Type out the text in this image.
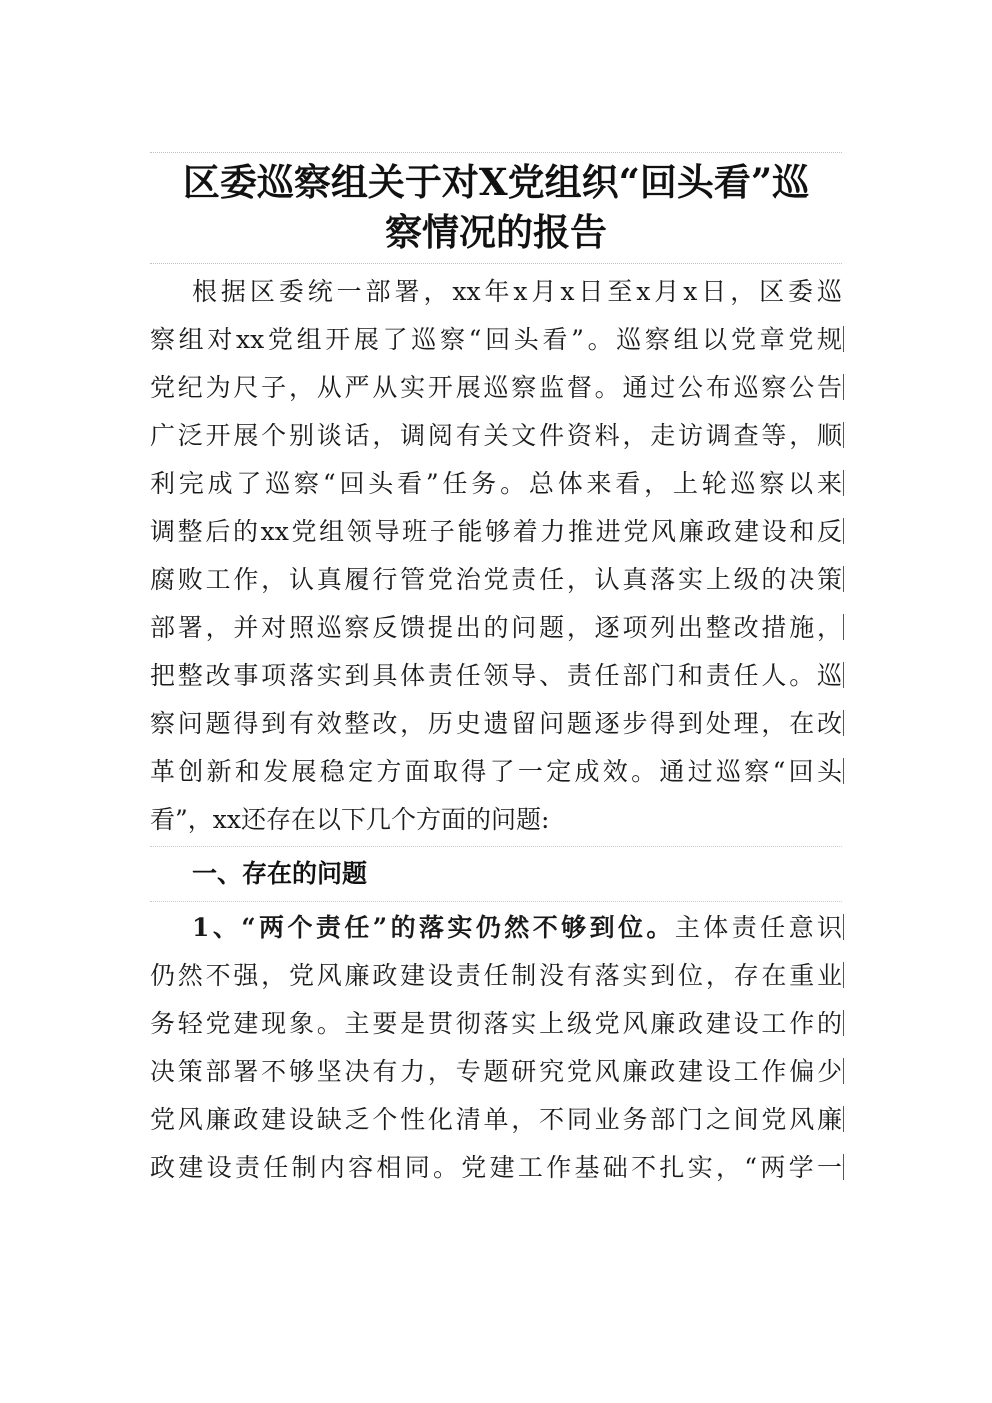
区委巡察组关于对X党组织“回头看”巡
察情况的报告
根据区委统一部署，xx年x月x日至x月x日，区委巡
察组对xx党组开展了巡察“回头看”。巡察组以党章党规
党纪为尺子，从严从实开展巡察监督。通过公布巡察公告
广泛开展个别谈话，调阅有关文件资料，走访调查等，顺
利完成了巡察“回头看”任务。总体来看，上轮巡察以来
调整后的xx党组领导班子能够着力推进党风廉政建设和反
腐败工作，认真履行管党治党责任，认真落实上级的决策
部署，并对照巡察反馈提出的问题，逐项列出整改措施，
把整改事项落实到具体责任领导、责任部门和责任人。巡
察问题得到有效整改，历史遗留问题逐步得到处理，在改
革创新和发展稳定方面取得了一定成效。通过巡察“回头
看”，xx还存在以下几个方面的问题:
一、存在的问题
1、“两个责任”的落实仍然不够到位。主体责任意识
仍然不强，党风廉政建设责任制没有落实到位，存在重业
务轻党建现象。主要是贯彻落实上级党风廉政建设工作的
决策部署不够坚决有力，专题研究党风廉政建设工作偏少
党风廉政建设缺乏个性化清单，不同业务部门之间党风廉
政建设责任制内容相同。党建工作基础不扎实，“两学一
